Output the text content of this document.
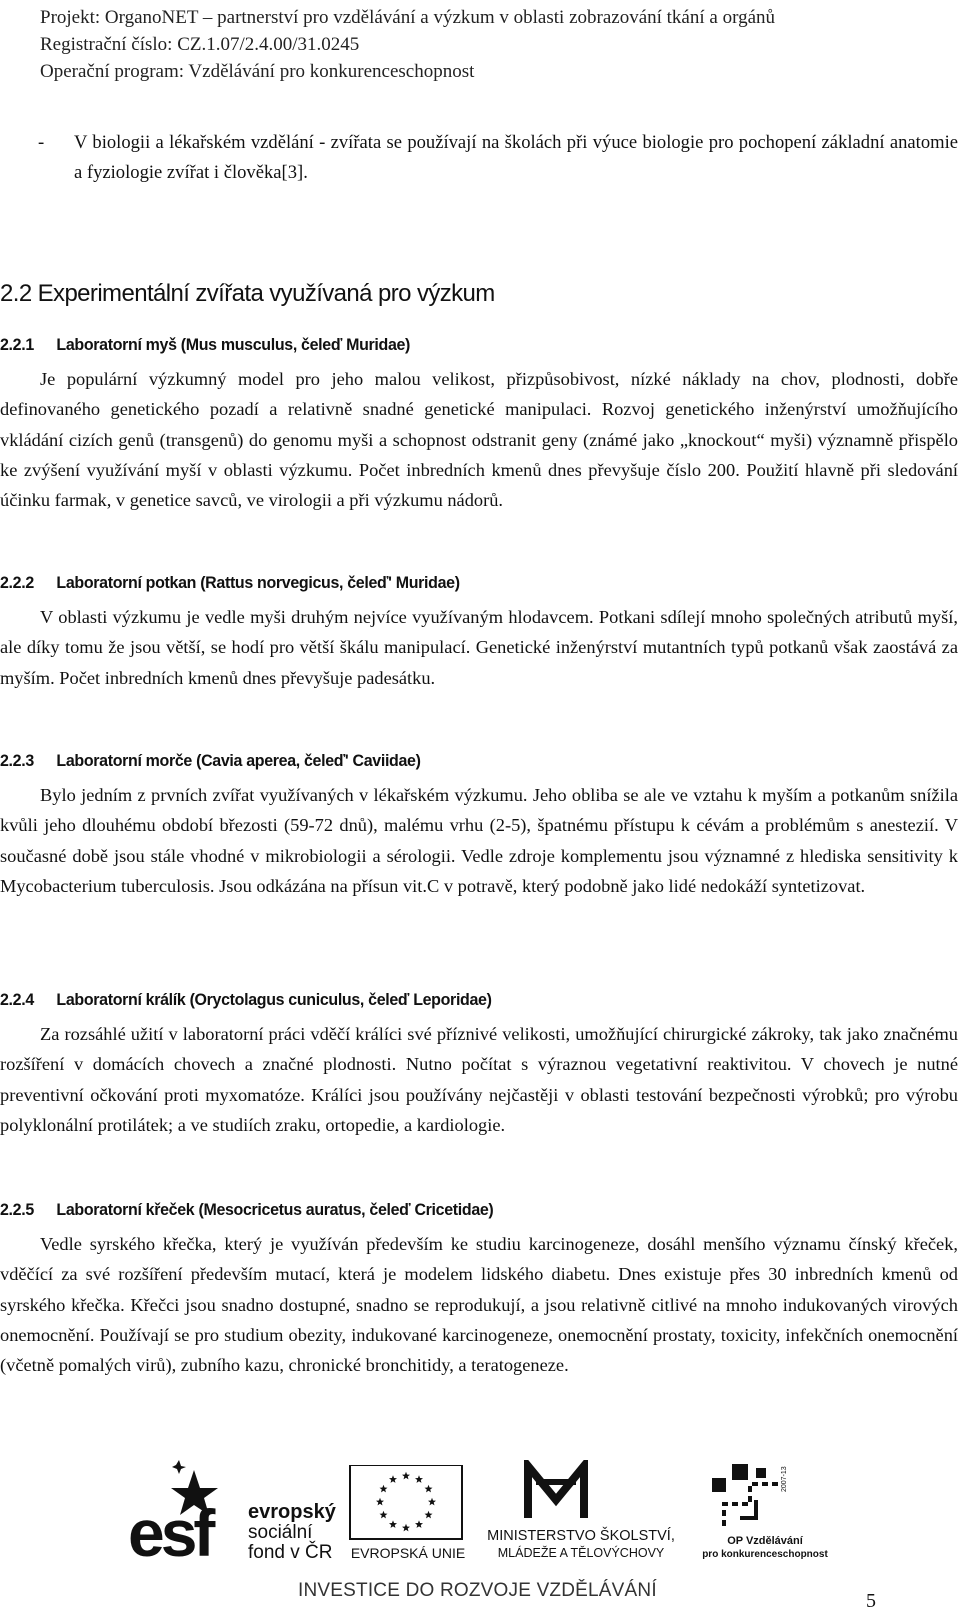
Projekt: OrganoNET – partnerství pro vzdělávání a výzkum v oblasti zobrazování tkání a orgánů
Registrační číslo: CZ.1.07/2.4.00/31.0245
Operační program: Vzdělávání pro konkurenceschopnost
-	V biologii a lékařském vzdělání - zvířata se používají na školách při výuce biologie pro pochopení základní anatomie a fyziologie zvířat i člověka[3].
2.2 Experimentální zvířata využívaná pro výzkum
2.2.1 Laboratorní myš (Mus musculus, čeleď Muridae)

Je populární výzkumný model pro jeho malou velikost, přizpůsobivost, nízké náklady na chov, plodnosti, dobře definovaného genetického pozadí a relativně snadné genetické manipulaci. Rozvoj genetického inženýrství umožňujícího vkládání cizích genů (transgenů) do genomu myši a schopnost odstranit geny (známé jako „knockout“ myši) významně přispělo ke zvýšení využívání myší v oblasti výzkumu. Počet inbredních kmenů dnes převyšuje číslo 200. Použití hlavně při sledování účinku farmak, v genetice savců, ve virologii a při výzkumu nádorů.

2.2.2 Laboratorní potkan (Rattus norvegicus, čeleď' Muridae)

V oblasti výzkumu je vedle myši druhým nejvíce využívaným hlodavcem. Potkani sdílejí mnoho společných atributů myší, ale díky tomu že jsou větší, se hodí pro větší škálu manipulací. Genetické inženýrství mutantních typů potkanů však zaostává za myším. Počet inbredních kmenů dnes převyšuje padesátku.

2.2.3 Laboratorní morče (Cavia aperea, čeleď' Caviidae)

Bylo jedním z prvních zvířat využívaných v lékařském výzkumu. Jeho obliba se ale ve vztahu k myším a potkanům snížila kvůli jeho dlouhému období březosti (59-72 dnů), malému vrhu (2-5), špatnému přístupu k cévám a problémům s anestezií. V současné době jsou stále vhodné v mikrobiologii a sérologii. Vedle zdroje komplementu jsou významné z hlediska sensitivity k Mycobacterium tuberculosis. Jsou odkázána na přísun vit.C v potravě, který podobně jako lidé nedokáží syntetizovat.

2.2.4 Laboratorní králík (Oryctolagus cuniculus, čeleď Leporidae)

Za rozsáhlé užití v laboratorní práci vděčí králíci své příznivé velikosti, umožňující chirurgické zákroky, tak jako značnému rozšíření v domácích chovech a značné plodnosti. Nutno počítat s výraznou vegetativní reaktivitou. V chovech je nutné preventivní očkování proti myxomatóze. Králíci jsou používány nejčastěji v oblasti testování bezpečnosti výrobků; pro výrobu polyklonální protilátek; a ve studiích zraku, ortopedie, a kardiologie.

2.2.5 Laboratorní křeček (Mesocricetus auratus, čeleď Cricetidae)

Vedle syrského křečka, který je využíván především ke studiu karcinogeneze, dosáhl menšího významu čínský křeček, vděčící za své rozšíření především mutací, která je modelem lidského diabetu. Dnes existuje přes 30 inbredních kmenů od syrského křečka. Křečci jsou snadno dostupné, snadno se reprodukují, a jsou relativně citlivé na mnoho indukovaných virových onemocnění. Používají se pro studium obezity, indukované karcinogeneze, onemocnění prostaty, toxicity, infekčních onemocnění (včetně pomalých virů), zubního kazu, chronické bronchitidy, a teratogeneze.

esf evropský
sociální
fond v ČR EVROPSKÁ UNIE
MINISTERSTVO ŠKOLSTVÍ,
MLÁDEŽE A TĚLOVÝCHOVY
2007-13
OP Vzdělávání
pro konkurenceschopnost
INVESTICE DO ROZVOJE VZDĚLÁVÁNÍ	5
